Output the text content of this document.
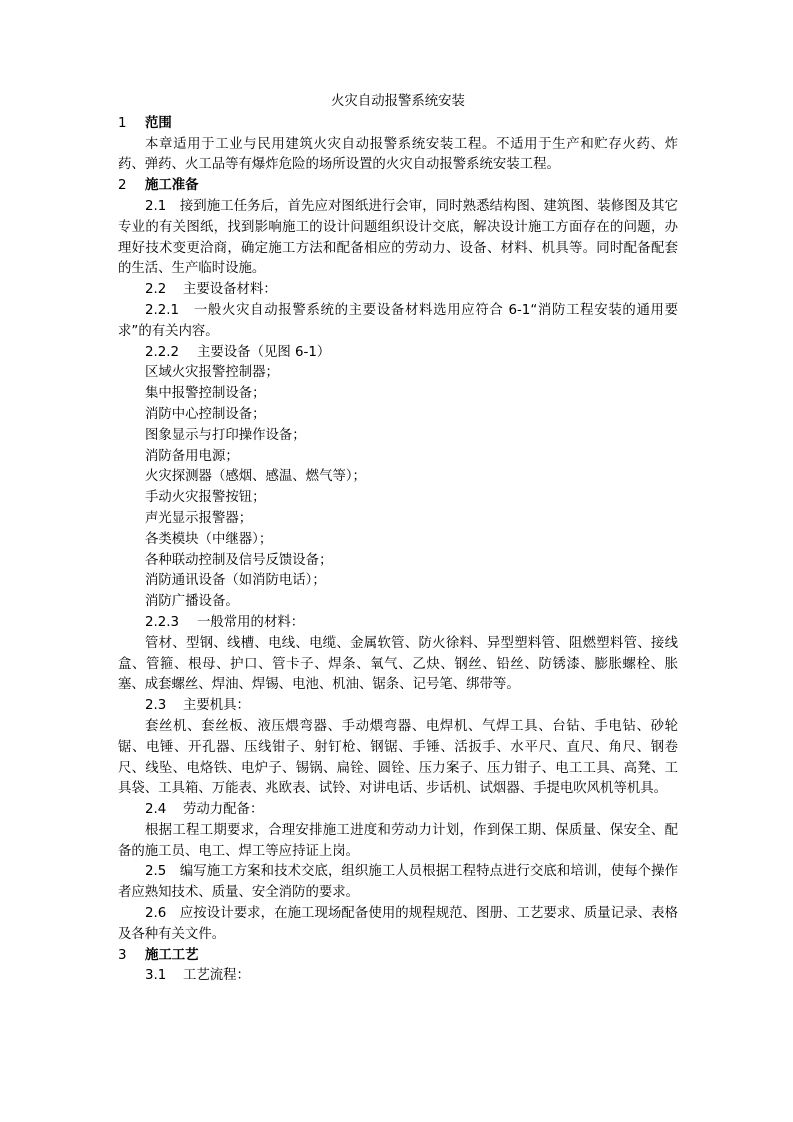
火灾自动报警系统安装
1 范围
本章适用于工业与民用建筑火灾自动报警系统安装工程。不适用于生产和贮存火药、炸药、弹药、火工品等有爆炸危险的场所设置的火灾自动报警系统安装工程。
2 施工准备
2.1　 接到施工任务后，首先应对图纸进行会审，同时熟悉结构图、建筑图、装修图及其它专业的有关图纸，找到影响施工的设计问题组织设计交底，解决设计施工方面存在的问题，办理好技术变更洽商，确定施工方法和配备相应的劳动力、设备、材料、机具等。同时配备配套的生活、生产临时设施。
2.2 主要设备材料：
2.2.1　 一般火灾自动报警系统的主要设备材料选用应符合 6-1“消防工程安装的通用要求”的有关内容。
2.2.2 主要设备（见图 6-1）
区域火灾报警控制器；
集中报警控制设备；
消防中心控制设备；
图象显示与打印操作设备；
消防备用电源；
火灾探测器（感烟、感温、燃气等）；
手动火灾报警按钮；
声光显示报警器；
各类模块（中继器）；
各种联动控制及信号反馈设备；
消防通讯设备（如消防电话）；
消防广播设备。
2.2.3 一般常用的材料：
管材、型钢、线槽、电线、电缆、金属软管、防火徐料、异型塑料管、阻燃塑料管、接线盒、管箍、根母、护口、管卡子、焊条、氧气、乙炔、钢丝、铅丝、防锈漆、膨胀螺栓、胀塞、成套螺丝、焊油、焊锡、电池、机油、锯条、记号笔、绑带等。
2.3 主要机具：
套丝机、套丝板、液压煨弯器、手动煨弯器、电焊机、气焊工具、台钻、手电钻、砂轮锯、电锤、开孔器、压线钳子、射钉枪、钢锯、手锤、活扳手、水平尺、直尺、角尺、钢卷尺、线坠、电烙铁、电炉子、锡锅、扁铨、圆铨、压力案子、压力钳子、电工工具、高凳、工具袋、工具箱、万能表、兆欧表、试铃、对讲电话、步话机、试烟器、手提电吹风机等机具。
2.4 劳动力配备：
根据工程工期要求，合理安排施工进度和劳动力计划，作到保工期、保质量、保安全、配备的施工员、电工、焊工等应持证上岗。
2.5　 编写施工方案和技术交底，组织施工人员根据工程特点进行交底和培训，使每个操作者应熟知技术、质量、安全消防的要求。
2.6　 应按设计要求，在施工现场配备使用的规程规范、图册、工艺要求、质量记录、表格及各种有关文件。
3 施工工艺
3.1 工艺流程：
